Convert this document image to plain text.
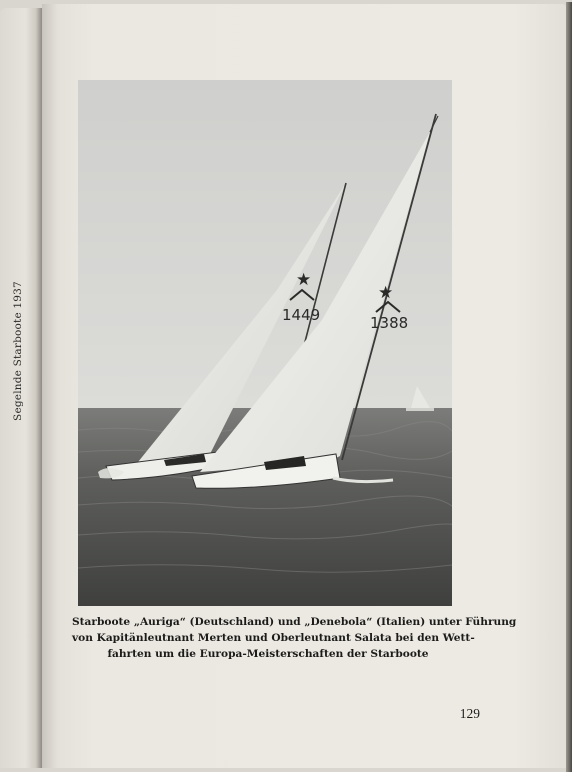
Segelnde Starboote 1937
★
1449
★
1388
Starboote „Auriga“ (Deutschland) und „Denebola“ (Italien) unter Führung
von Kapitänleutnant Merten und Oberleutnant Salata bei den Wett-
fahrten um die Europa-Meisterschaften der Starboote
129
